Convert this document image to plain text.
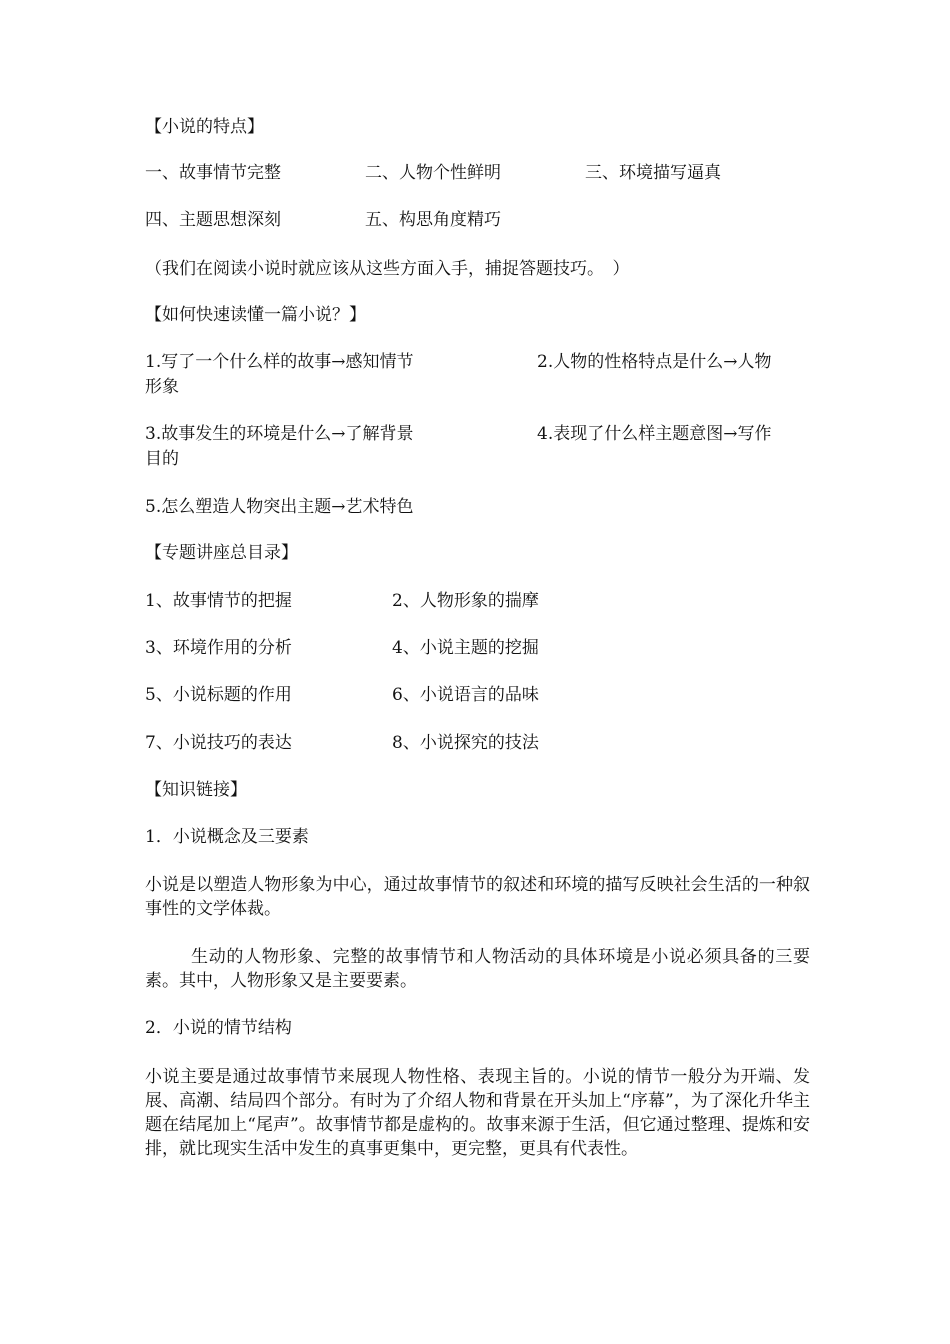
【小说的特点】
一、故事情节完整	二、人物个性鲜明	三、环境描写逼真
四、主题思想深刻	五、构思角度精巧
（我们在阅读小说时就应该从这些方面入手，捕捉答题技巧。　）
【如何快速读懂一篇小说？】
1.写了一个什么样的故事→感知情节	2.人物的性格特点是什么→人物
形象
3.故事发生的环境是什么→了解背景	4.表现了什么样主题意图→写作
目的
5.怎么塑造人物突出主题→艺术特色
【专题讲座总目录】
1、故事情节的把握	2、人物形象的揣摩
3、环境作用的分析	4、小说主题的挖掘
5、小说标题的作用	6、小说语言的品味
7、小说技巧的表达	8、小说探究的技法
【知识链接】
1．小说概念及三要素

小说是以塑造人物形象为中心，通过故事情节的叙述和环境的描写反映社会生活的一种叙事性的文学体裁。

生动的人物形象、完整的故事情节和人物活动的具体环境是小说必须具备的三要素。其中，人物形象又是主要要素。

2．小说的情节结构

小说主要是通过故事情节来展现人物性格、表现主旨的。小说的情节一般分为开端、发展、高潮、结局四个部分。有时为了介绍人物和背景在开头加上“序幕”，为了深化升华主题在结尾加上“尾声”。故事情节都是虚构的。故事来源于生活，但它通过整理、提炼和安排，就比现实生活中发生的真事更集中，更完整，更具有代表性。
